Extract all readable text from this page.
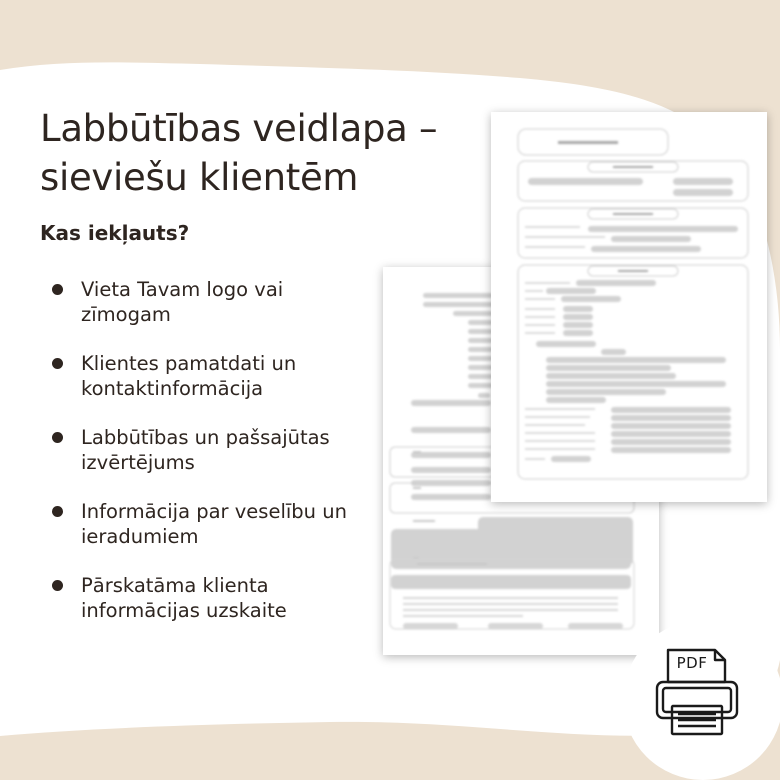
Labbūtības veidlapa – sieviešu klientēm
Kas iekļauts?
Vieta Tavam logo vai zīmogam
Klientes pamatdati un kontaktinformācija
Labbūtības un pašsajūtas izvērtējums
Informācija par veselību un ieradumiem
Pārskatāma klienta informācijas uzskaite
PDF
